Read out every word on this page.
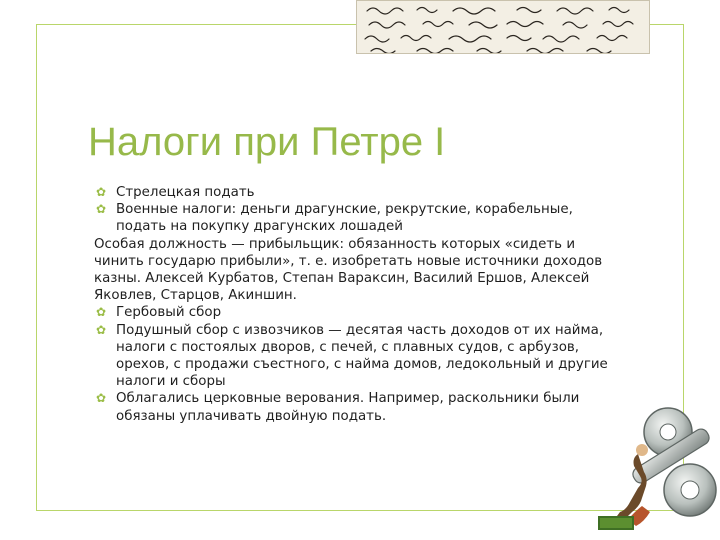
Налоги при Петре I
✿ Стрелецкая подать
✿ Военные налоги: деньги драгунские, рекрутские, корабельные, подать на покупку драгунских лошадей
Особая должность — прибыльщик: обязанность которых «сидеть и чинить государю прибыли», т. е. изобретать новые источники доходов казны. Алексей Курбатов, Степан Вараксин, Василий Ершов, Алексей Яковлев, Старцов, Акиншин.
✿ Гербовый сбор
✿ Подушный сбор с извозчиков — десятая часть доходов от их найма, налоги с постоялых дворов, с печей, с плавных судов, с арбузов, орехов, с продажи съестного, с найма домов, ледокольный и другие налоги и сборы
✿ Облагались церковные верования. Например, раскольники были обязаны уплачивать двойную подать.
